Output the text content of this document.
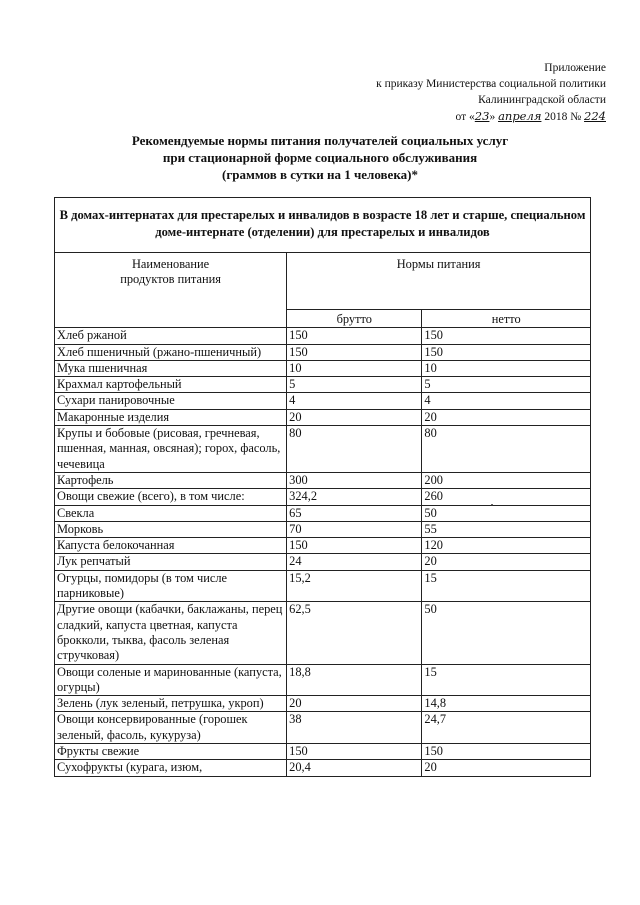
Приложение
к приказу Министерства социальной политики
Калининградской области
от «23» апреля 2018 № 224
Рекомендуемые нормы питания получателей социальных услуг
при стационарной форме социального обслуживания
(граммов в сутки на 1 человека)*
В домах-интернатах для престарелых и инвалидов в возрасте 18 лет и старше, специальном доме-интернате (отделении) для престарелых и инвалидов		
Наименование
продуктов питания	Нормы питания	
	брутто	нетто
Хлеб ржаной	150	150
Хлеб пшеничный (ржано-пшеничный)	150	150
Мука пшеничная	10	10
Крахмал картофельный	5	5
Сухари панировочные	4	4
Макаронные изделия	20	20
Крупы и бобовые (рисовая, гречневая, пшенная, манная, овсяная); горох, фасоль, чечевица	80	80
Картофель	300	200
Овощи свежие (всего), в том числе:	324,2	260
Свекла	65	50
Морковь	70	55
Капуста белокочанная	150	120
Лук репчатый	24	20
Огурцы, помидоры (в том числе парниковые)	15,2	15
Другие овощи (кабачки, баклажаны, перец сладкий, капуста цветная, капуста брокколи, тыква, фасоль зеленая стручковая)	62,5	50
Овощи соленые и маринованные (капуста, огурцы)	18,8	15
Зелень (лук зеленый, петрушка, укроп)	20	14,8
Овощи консервированные (горошек зеленый, фасоль, кукуруза)	38	24,7
Фрукты свежие	150	150
Сухофрукты (курага, изюм,	20,4	20
